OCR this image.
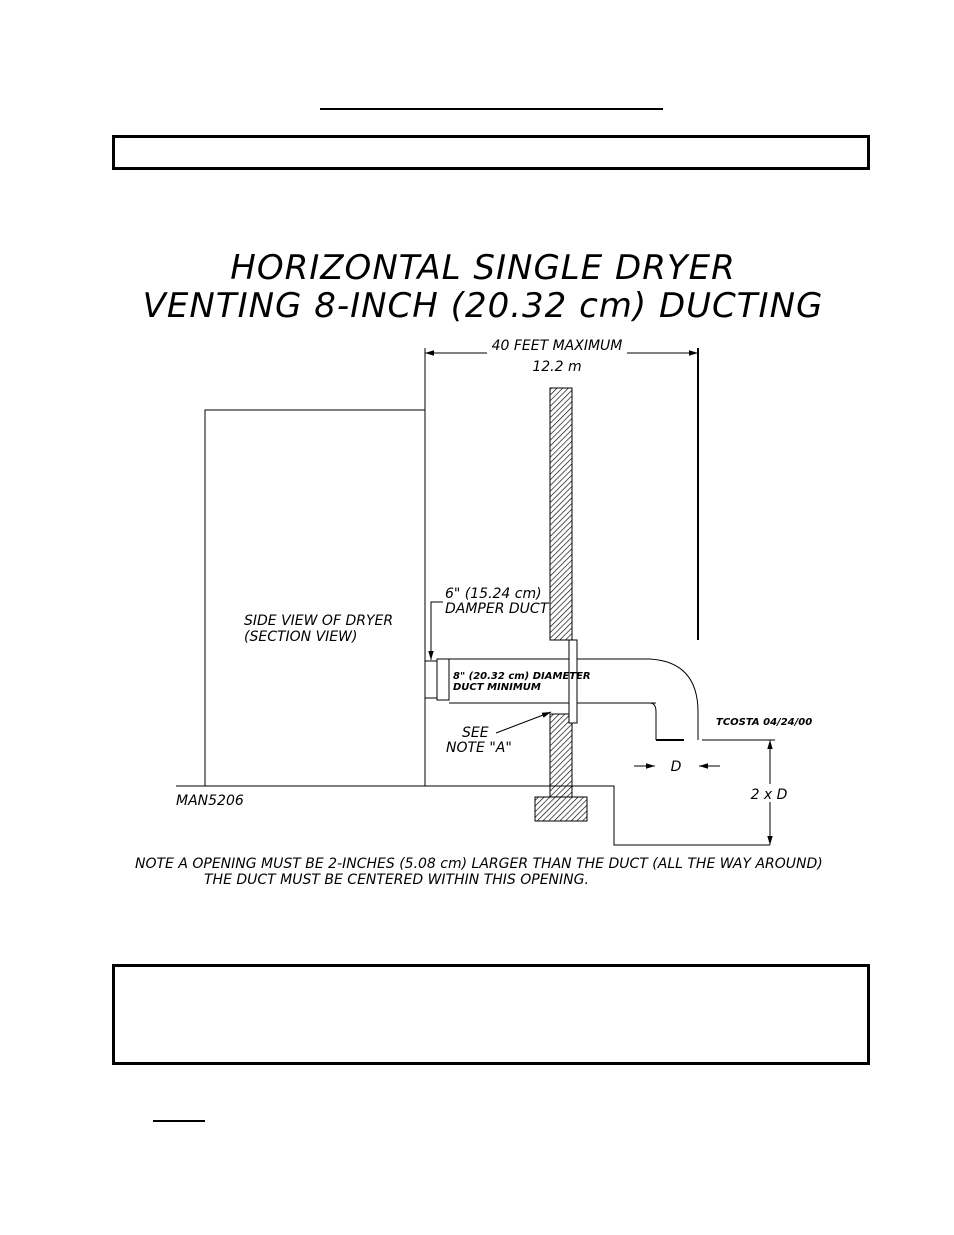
HORIZONTAL SINGLE DRYER
VENTING 8-INCH (20.32 cm) DUCTING
40 FEET MAXIMUM
12.2 m
SIDE VIEW OF DRYER
(SECTION VIEW)
6" (15.24 cm)
DAMPER DUCT
8" (20.32 cm) DIAMETER
DUCT MINIMUM
SEE
NOTE "A"
D
2 x D
TCOSTA 04/24/00
MAN5206
NOTE A OPENING MUST BE 2-INCHES (5.08 cm) LARGER THAN THE DUCT (ALL THE WAY AROUND)
THE DUCT MUST BE CENTERED WITHIN THIS OPENING.
